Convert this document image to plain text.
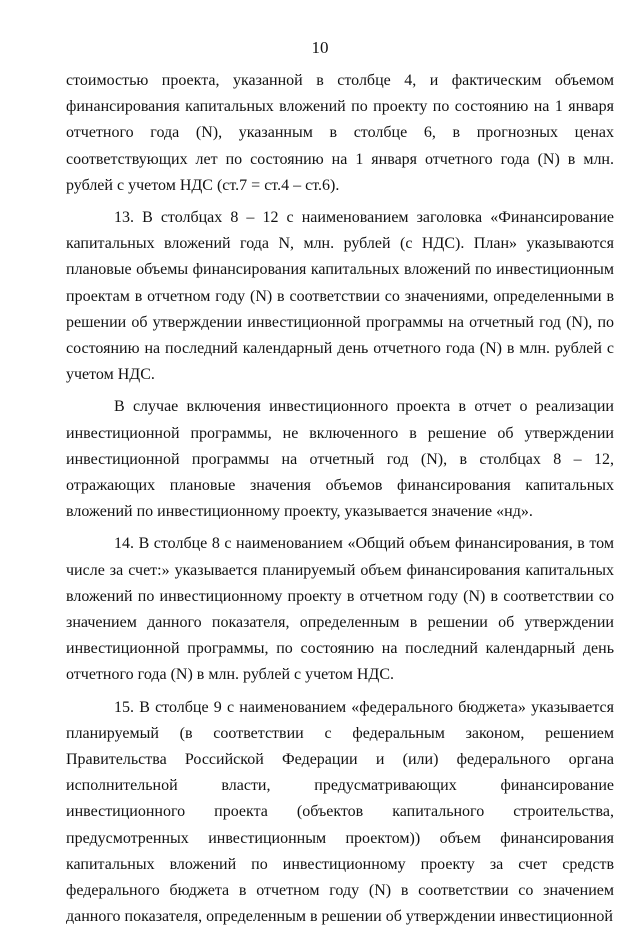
10

стоимостью проекта, указанной в столбце 4, и фактическим объемом финансирования капитальных вложений по проекту по состоянию на 1 января отчетного года (N), указанным в столбце 6, в прогнозных ценах соответствующих лет по состоянию на 1 января отчетного года (N) в млн. рублей с учетом НДС (ст.7 = ст.4 – ст.6).

13. В столбцах 8 – 12 с наименованием заголовка «Финансирование капитальных вложений года N, млн. рублей (с НДС). План» указываются плановые объемы финансирования капитальных вложений по инвестиционным проектам в отчетном году (N) в соответствии со значениями, определенными в решении об утверждении инвестиционной программы на отчетный год (N), по состоянию на последний календарный день отчетного года (N) в млн. рублей с учетом НДС.

В случае включения инвестиционного проекта в отчет о реализации инвестиционной программы, не включенного в решение об утверждении инвестиционной программы на отчетный год (N), в столбцах 8 – 12, отражающих плановые значения объемов финансирования капитальных вложений по инвестиционному проекту, указывается значение «нд».

14. В столбце 8 с наименованием «Общий объем финансирования, в том числе за счет:» указывается планируемый объем финансирования капитальных вложений по инвестиционному проекту в отчетном году (N) в соответствии со значением данного показателя, определенным в решении об утверждении инвестиционной программы, по состоянию на последний календарный день отчетного года (N) в млн. рублей с учетом НДС.

15. В столбце 9 с наименованием «федерального бюджета» указывается планируемый (в соответствии с федеральным законом, решением Правительства Российской Федерации и (или) федерального органа исполнительной власти, предусматривающих финансирование инвестиционного проекта (объектов капитального строительства, предусмотренных инвестиционным проектом)) объем финансирования капитальных вложений по инвестиционному проекту за счет средств федерального бюджета в отчетном году (N) в соответствии со значением данного показателя, определенным в решении об утверждении инвестиционной
